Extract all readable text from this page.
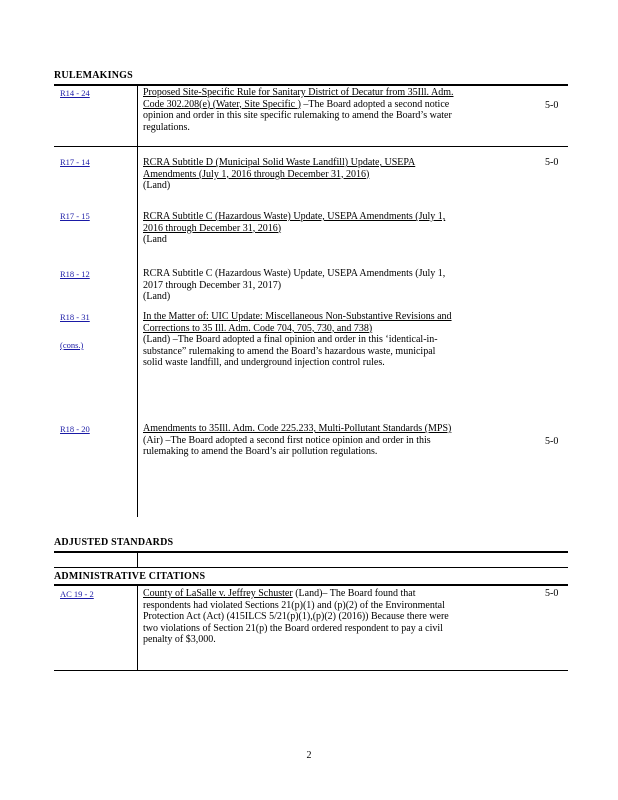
RULEMAKINGS
R14 - 24	Proposed Site-Specific Rule for Sanitary District of Decatur from 35Ill. Adm. Code 302.208(e) (Water, Site Specific ) –The Board adopted a second notice opinion and order in this site specific rulemaking to amend the Board’s water regulations.
5-0
R17 - 14	RCRA Subtitle D (Municipal Solid Waste Landfill) Update, USEPA Amendments (July 1, 2016 through December 31, 2016)
(Land)
5-0
R17 - 15	RCRA Subtitle C (Hazardous Waste) Update, USEPA Amendments (July 1, 2016 through December 31, 2016)
(Land
R18 - 12	RCRA Subtitle C (Hazardous Waste) Update, USEPA Amendments (July 1, 2017 through December 31, 2017)
(Land)
R18 - 31
(cons.)
In the Matter of: UIC Update: Miscellaneous Non-Substantive Revisions and Corrections to 35 Ill. Adm. Code 704, 705, 730, and 738)
(Land) –The Board adopted a final opinion and order in this ‘identical-in-substance” rulemaking to amend the Board’s hazardous waste, municipal solid waste landfill, and underground injection control rules.
R18 - 20	Amendments to 35Ill. Adm. Code 225.233, Multi-Pollutant Standards (MPS)
(Air) –The Board adopted a second first notice opinion and order in this rulemaking to amend the Board’s air pollution regulations.
5-0
ADJUSTED STANDARDS
ADMINISTRATIVE CITATIONS
AC 19 - 2	County of LaSalle v. Jeffrey Schuster (Land)– The Board found that respondents had violated Sections 21(p)(1) and (p)(2) of the Environmental Protection Act (Act) (415ILCS 5/21(p)(1),(p)(2) (2016)) Because there were two violations of Section 21(p) the Board ordered respondent to pay a civil penalty of $3,000.
5-0
2
